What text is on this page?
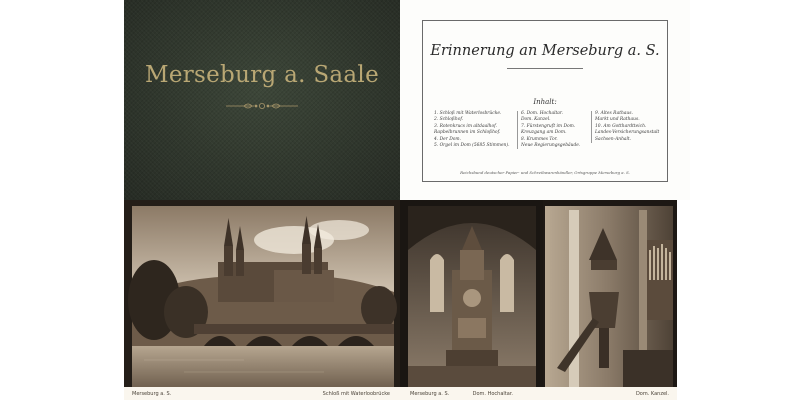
Merseburg a. Saale
Erinnerung an Merseburg a. S.
Inhalt:
1. Schloß mit Waterlosbrücke.
2. Schloßhof.
3. Rotenkrucs im altdaalhof.
Rapbelbrunnen im Schloßhof.
4. Der Dom.
5. Orgel im Dom (5685 Stimmen).
6. Dom. Hochaltar.
Dom. Kanzel.
7. Fürstengruft im Dom.
Kreuzgang am Dom.
8. Krummes Tor.
Neue Regierungsgebäude.
9. Altes Rathaus.
Markt und Rathaus.
10. Am Gotthardtteich.
Landes-Versicherungsanstalt
Sachsen-Anhalt.
Reichsbund deutscher Papier- und Schreibwarenhändler, Ortsgruppe Merseburg a. S.
Merseburg a. S.	Schloß mit Waterloobrücke	Merseburg a. S.	Dom. Hochaltar.	Dom. Kanzel.
